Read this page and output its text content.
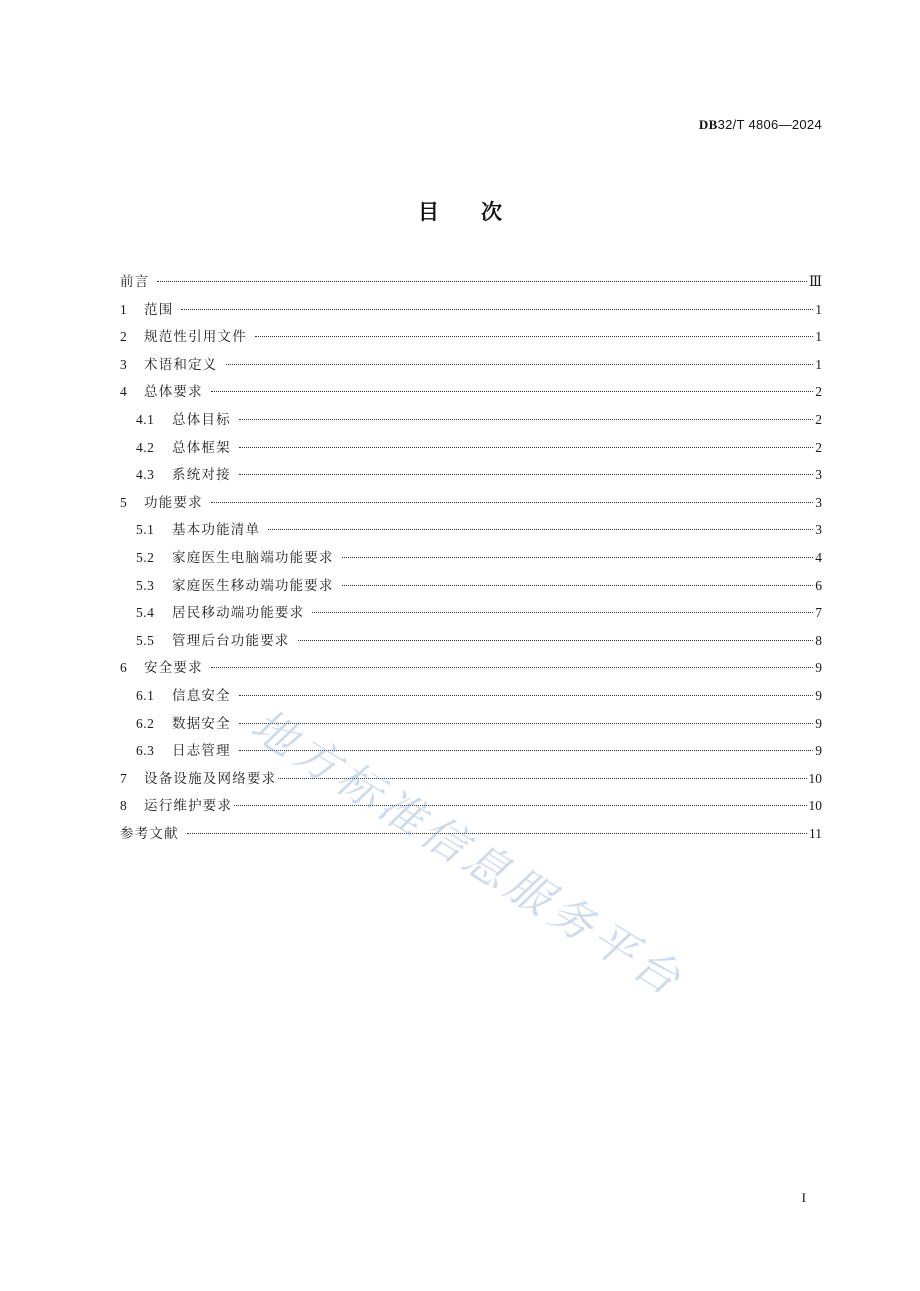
DB32/T 4806—2024
目 次
前言	Ⅲ
1	范围	1
2	规范性引用文件	1
3	术语和定义	1
4	总体要求	2
4.1	总体目标	2
4.2	总体框架	2
4.3	系统对接	3
5	功能要求	3
5.1	基本功能清单	3
5.2	家庭医生电脑端功能要求	4
5.3	家庭医生移动端功能要求	6
5.4	居民移动端功能要求	7
5.5	管理后台功能要求	8
6	安全要求	9
6.1	信息安全	9
6.2	数据安全	9
6.3	日志管理	9
7	设备设施及网络要求	10
8	运行维护要求	10
参考文献	11
地方标准信息服务平台
I
